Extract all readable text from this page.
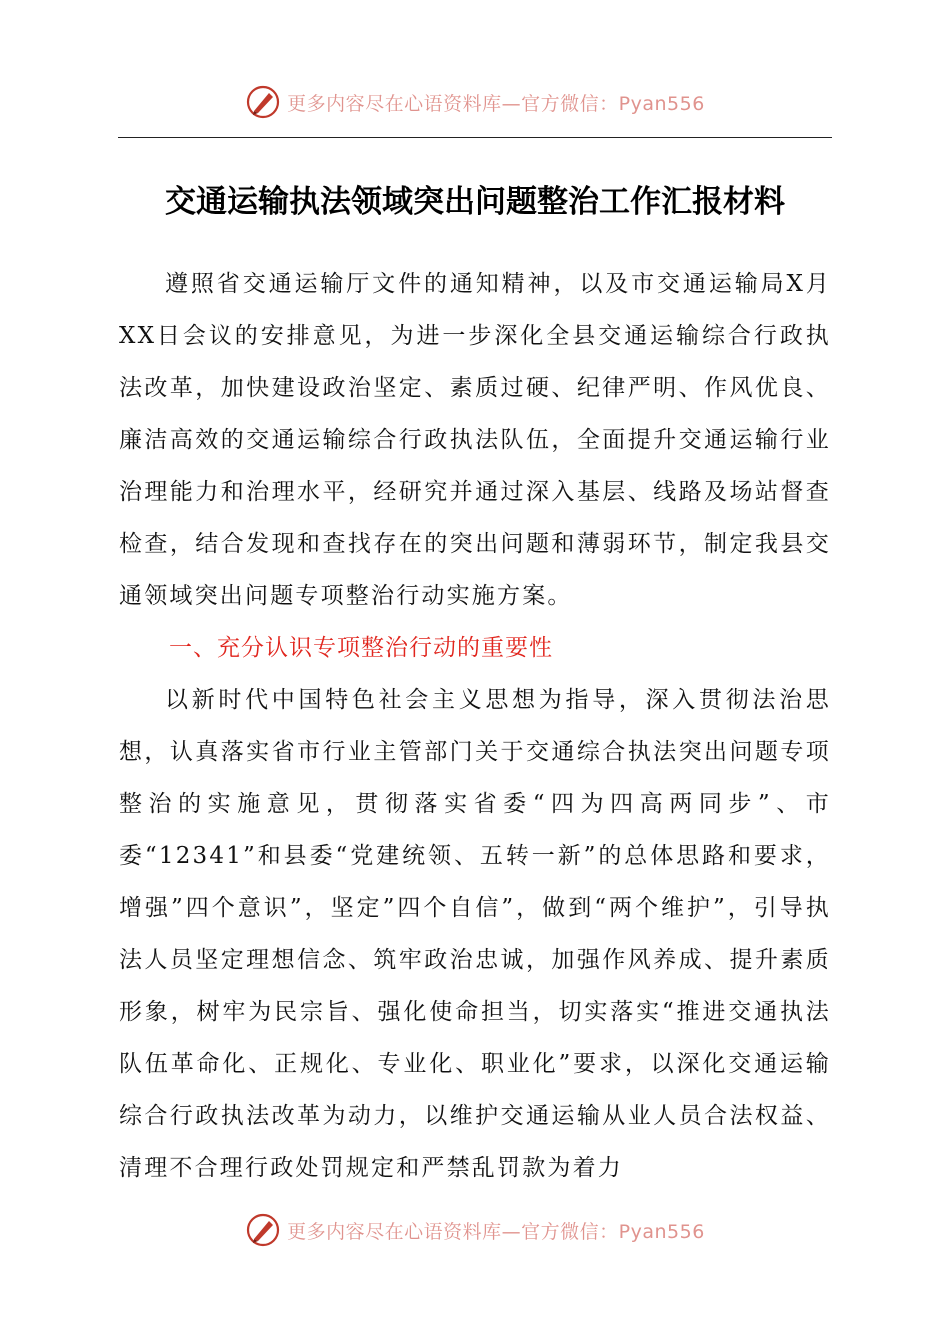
更多内容尽在心语资料库—官方微信：Pyan556
交通运输执法领域突出问题整治工作汇报材料

遵照省交通运输厅文件的通知精神，以及市交通运输局X月XX日会议的安排意见，为进一步深化全县交通运输综合行政执法改革，加快建设政治坚定、素质过硬、纪律严明、作风优良、廉洁高效的交通运输综合行政执法队伍，全面提升交通运输行业治理能力和治理水平，经研究并通过深入基层、线路及场站督查检查，结合发现和查找存在的突出问题和薄弱环节，制定我县交通领域突出问题专项整治行动实施方案。

一、充分认识专项整治行动的重要性

以新时代中国特色社会主义思想为指导，深入贯彻法治思想，认真落实省市行业主管部门关于交通综合执法突出问题专项整治的实施意见，贯彻落实省委“四为四高两同步”、市委“12341”和县委“党建统领、五转一新”的总体思路和要求，增强”四个意识”，坚定”四个自信”，做到“两个维护”，引导执法人员坚定理想信念、筑牢政治忠诚，加强作风养成、提升素质形象，树牢为民宗旨、强化使命担当，切实落实“推进交通执法队伍革命化、正规化、专业化、职业化”要求，以深化交通运输综合行政执法改革为动力，以维护交通运输从业人员合法权益、清理不合理行政处罚规定和严禁乱罚款为着力

更多内容尽在心语资料库—官方微信：Pyan556
